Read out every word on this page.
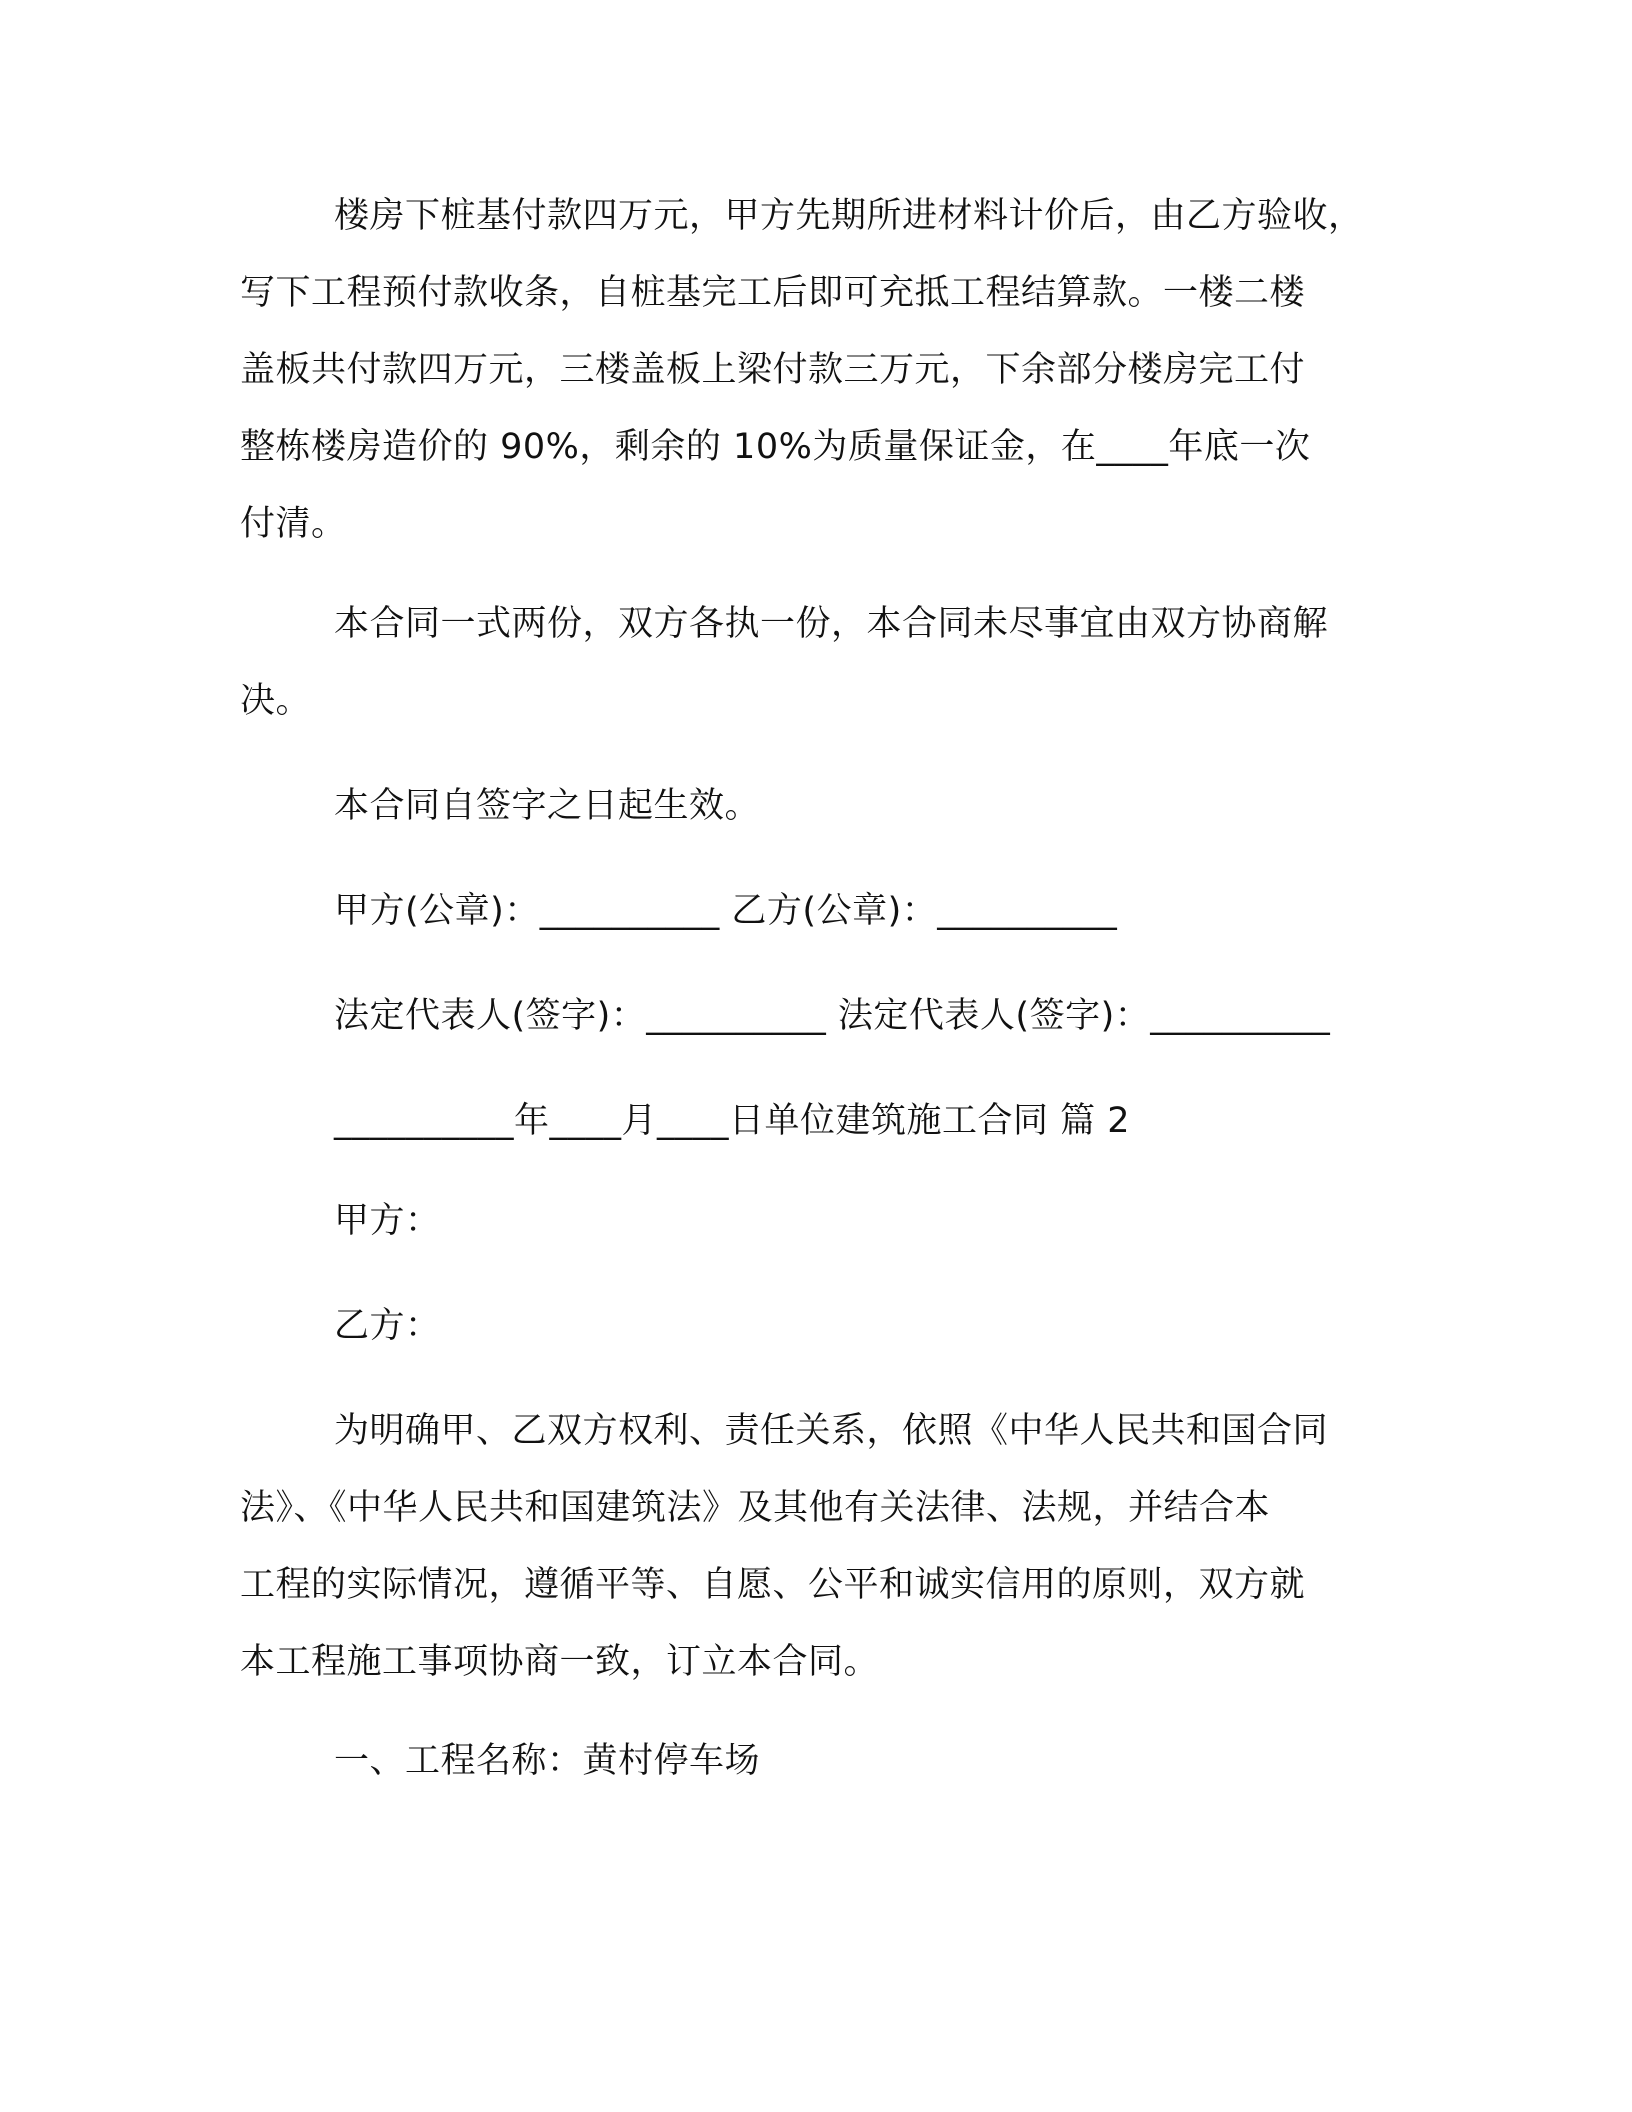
楼房下桩基付款四万元，甲方先期所进材料计价后，由乙方验收，
写下工程预付款收条，自桩基完工后即可充抵工程结算款。一楼二楼
盖板共付款四万元，三楼盖板上梁付款三万元，下余部分楼房完工付
整栋楼房造价的 90%，剩余的 10%为质量保证金，在____年底一次
付清。
本合同一式两份，双方各执一份，本合同未尽事宜由双方协商解
决。
本合同自签字之日起生效。
甲方(公章)：__________ 乙方(公章)：__________
法定代表人(签字)：__________ 法定代表人(签字)：__________
__________年____月____日单位建筑施工合同 篇 2
甲方：
乙方：
为明确甲、乙双方权利、责任关系，依照《中华人民共和国合同
法》、《中华人民共和国建筑法》及其他有关法律、法规，并结合本
工程的实际情况，遵循平等、自愿、公平和诚实信用的原则，双方就
本工程施工事项协商一致，订立本合同。
一、工程名称：黄村停车场
